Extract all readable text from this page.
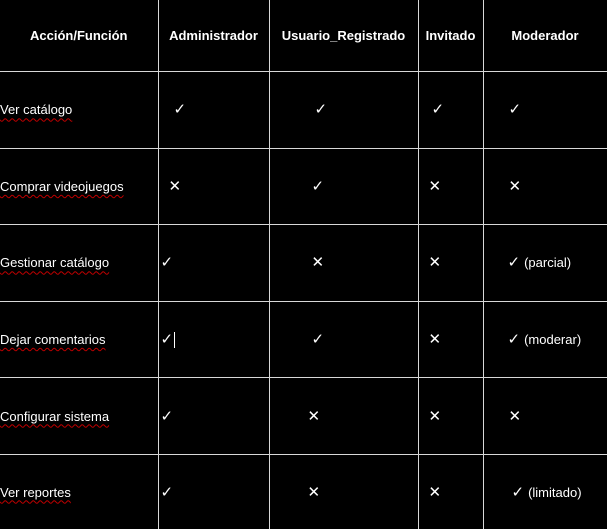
Acción/Función	Administrador	Usuario_Registrado	Invitado	Moderador
Ver catálogo	✓	✓	✓	✓
Comprar videojuegos	✕	✓	✕	✕
Gestionar catálogo	✓	✕	✕	✓ (parcial)
Dejar comentarios	✓	✓	✕	✓ (moderar)
Configurar sistema	✓	✕	✕	✕
Ver reportes	✓	✕	✕	✓ (limitado)
